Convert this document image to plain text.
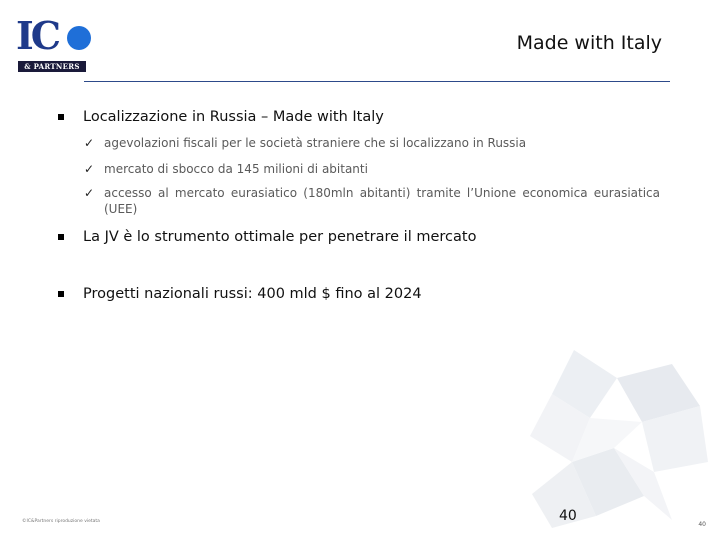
IC
& PARTNERS
Made with Italy
Localizzazione in Russia – Made with Italy
✓ agevolazioni fiscali per le società straniere che si localizzano in Russia
✓ mercato di sbocco da 145 milioni di abitanti
✓ accesso al mercato eurasiatico (180mln abitanti) tramite l’Unione economica eurasiatica (UEE)
La JV è lo strumento ottimale per penetrare il mercato
Progetti nazionali russi: 400 mld $ fino al 2024
©IC&Partners riproduzione vietata	40
40
